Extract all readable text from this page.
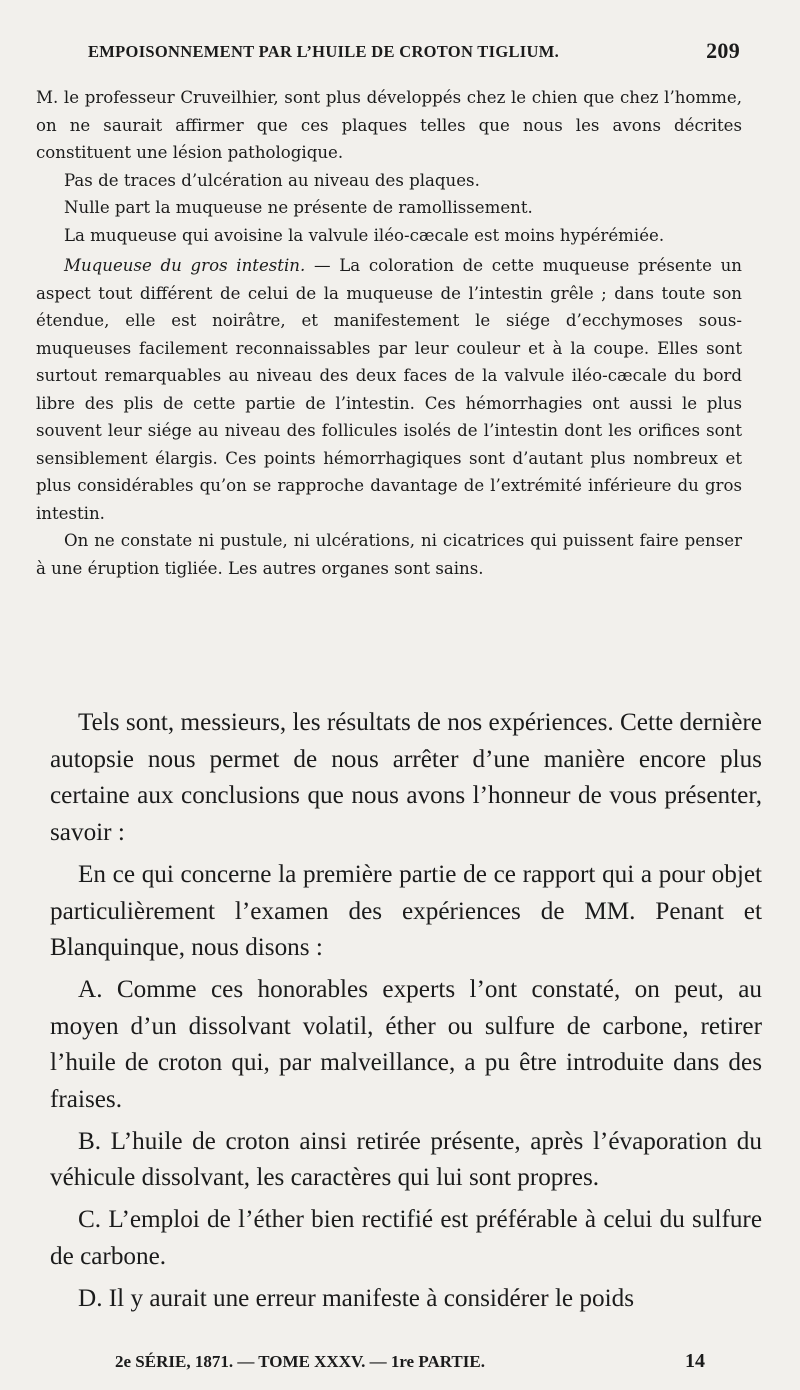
EMPOISONNEMENT PAR L’HUILE DE CROTON TIGLIUM.	209

M. le professeur Cruveilhier, sont plus développés chez le chien que chez l’homme, on ne saurait affirmer que ces plaques telles que nous les avons décrites constituent une lésion pathologique.

Pas de traces d’ulcération au niveau des plaques.

Nulle part la muqueuse ne présente de ramollissement.

La muqueuse qui avoisine la valvule iléo-cæcale est moins hypérémiée.

Muqueuse du gros intestin. — La coloration de cette muqueuse présente un aspect tout différent de celui de la muqueuse de l’intestin grêle ; dans toute son étendue, elle est noirâtre, et manifestement le siége d’ecchymoses sous-muqueuses facilement reconnaissables par leur couleur et à la coupe. Elles sont surtout remarquables au niveau des deux faces de la valvule iléo-cæcale du bord libre des plis de cette partie de l’intestin. Ces hémorrhagies ont aussi le plus souvent leur siége au niveau des follicules isolés de l’intestin dont les orifices sont sensiblement élargis. Ces points hémorrhagiques sont d’autant plus nombreux et plus considérables qu’on se rapproche davantage de l’extrémité inférieure du gros intestin.

On ne constate ni pustule, ni ulcérations, ni cicatrices qui puissent faire penser à une éruption tigliée. Les autres organes sont sains.

Tels sont, messieurs, les résultats de nos expériences. Cette dernière autopsie nous permet de nous arrêter d’une manière encore plus certaine aux conclusions que nous avons l’honneur de vous présenter, savoir :

En ce qui concerne la première partie de ce rapport qui a pour objet particulièrement l’examen des expériences de MM. Penant et Blanquinque, nous disons :

A. Comme ces honorables experts l’ont constaté, on peut, au moyen d’un dissolvant volatil, éther ou sulfure de carbone, retirer l’huile de croton qui, par malveillance, a pu être introduite dans des fraises.

B. L’huile de croton ainsi retirée présente, après l’évaporation du véhicule dissolvant, les caractères qui lui sont propres.

C. L’emploi de l’éther bien rectifié est préférable à celui du sulfure de carbone.

D. Il y aurait une erreur manifeste à considérer le poids

2e SÉRIE, 1871. — TOME XXXV. — 1re PARTIE.	14
